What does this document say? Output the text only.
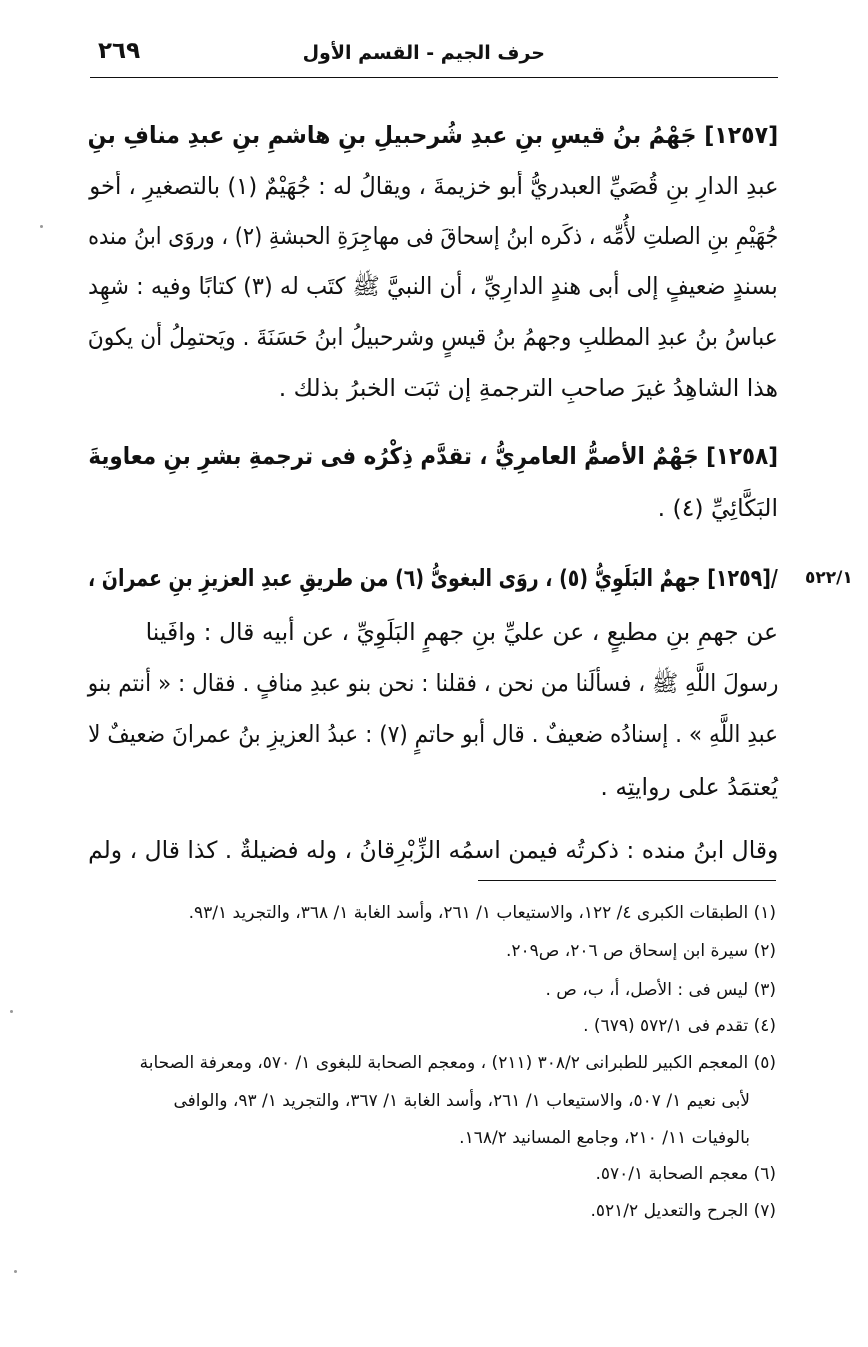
حرف الجيم - القسم الأول
٢٦٩
٥٢٢/١
[١٢٥٧] جَهْمُ بنُ قيسِ بنِ عبدِ شُرحبيلِ بنِ هاشمِ بنِ عبدِ منافِ بنِ
عبدِ الدارِ بنِ قُصَيِّ العبدريُّ أبو خزيمةَ ، ويقالُ له : جُهَيْمٌ (١) بالتصغيرِ ، أخو
جُهَيْمِ بنِ الصلتِ لأُمِّه ، ذكَره ابنُ إسحاقَ فى مهاجِرَةِ الحبشةِ (٢) ، وروَى ابنُ منده
بسندٍ ضعيفٍ إلى أبى هندٍ الدارِيِّ ، أن النبيَّ ﷺ كتَب له (٣) كتابًا وفيه : شهِد
عباسُ بنُ عبدِ المطلبِ وجهمُ بنُ قيسٍ وشرحبيلُ ابنُ حَسَنَةَ . ويَحتمِلُ أن يكونَ
هذا الشاهِدُ غيرَ صاحبِ الترجمةِ إن ثبَت الخبرُ بذلك .
[١٢٥٨] جَهْمٌ الأصمُّ العامرِيُّ ، تقدَّم ذِكْرُه فى ترجمةِ بشرِ بنِ معاويةَ
البَكَّائِيِّ (٤) .
/[١٢٥٩] جهمٌ البَلَوِيُّ (٥) ، روَى البغوىُّ (٦) من طريقِ عبدِ العزيزِ بنِ عمرانَ ،
عن جهمِ بنِ مطيعٍ ، عن عليِّ بنِ جهمٍ البَلَوِيِّ ، عن أبيه قال : وافَينا
رسولَ اللَّهِ ﷺ ، فسألَنا من نحن ، فقلنا : نحن بنو عبدِ منافٍ . فقال : « أنتم بنو
عبدِ اللَّهِ » . إسنادُه ضعيفٌ . قال أبو حاتمٍ (٧) : عبدُ العزيزِ بنُ عمرانَ ضعيفٌ لا
يُعتمَدُ على روايتِه .
وقال ابنُ منده : ذكرتُه فيمن اسمُه الزِّبْرِقانُ ، وله فضيلةٌ . كذا قال ، ولم
(١) الطبقات الكبرى ٤/ ١٢٢، والاستيعاب ١/ ٢٦١، وأسد الغابة ١/ ٣٦٨، والتجريد ٩٣/١.
(٢) سيرة ابن إسحاق ص ٢٠٦، ص٢٠٩.
(٣) ليس فى : الأصل، أ، ب، ص .
(٤) تقدم فى ٥٧٢/١ (٦٧٩) .
(٥) المعجم الكبير للطبرانى ٣٠٨/٢ (٢١١) ، ومعجم الصحابة للبغوى ١/ ٥٧٠، ومعرفة الصحابة
لأبى نعيم ١/ ٥٠٧، والاستيعاب ١/ ٢٦١، وأسد الغابة ١/ ٣٦٧، والتجريد ١/ ٩٣، والوافى
بالوفيات ١١/ ٢١٠، وجامع المسانيد ١٦٨/٢.
(٦) معجم الصحابة ٥٧٠/١.
(٧) الجرح والتعديل ٥٢١/٢.
